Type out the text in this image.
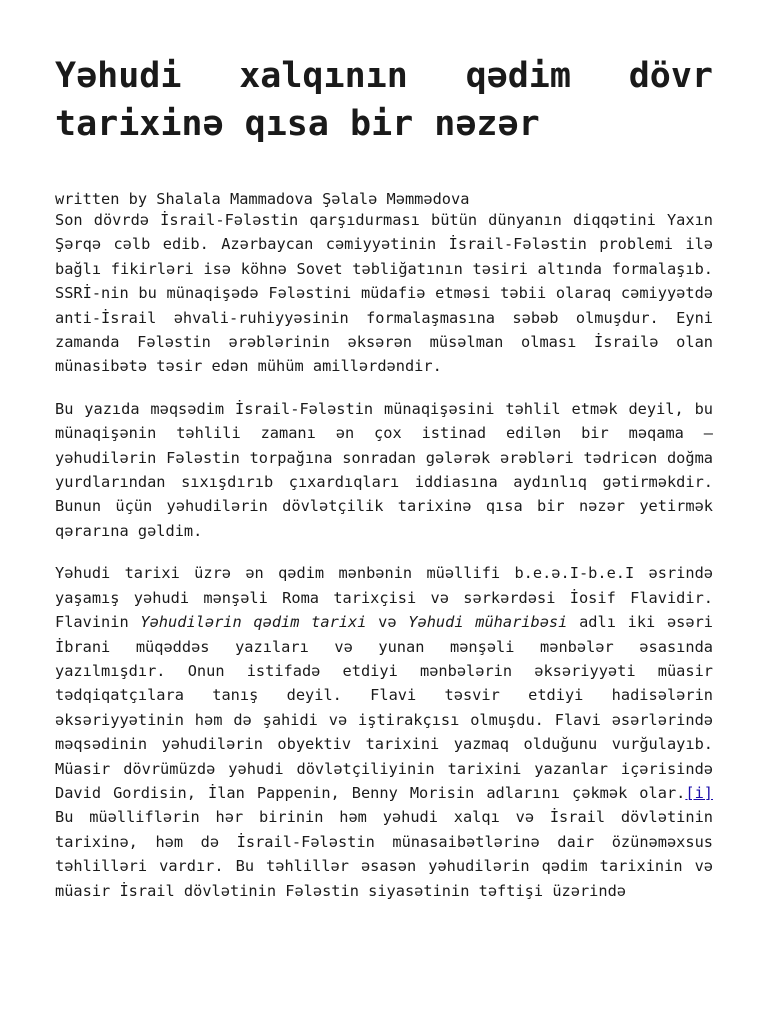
Yəhudi xalqının qədim dövr tarixinə qısa bir nəzər
written by Shalala Mammadova Şəlalə Məmmədova

Son dövrdə İsrail-Fələstin qarşıdurması bütün dünyanın diqqətini Yaxın Şərqə cəlb edib. Azərbaycan cəmiyyətinin İsrail-Fələstin problemi ilə bağlı fikirləri isə köhnə Sovet təbliğatının təsiri altında formalaşıb. SSRİ-nin bu münaqişədə Fələstini müdafiə etməsi təbii olaraq cəmiyyətdə anti-İsrail əhvali-ruhiyyəsinin formalaşmasına səbəb olmuşdur. Eyni zamanda Fələstin ərəblərinin əksərən müsəlman olması İsrailə olan münasibətə təsir edən mühüm amillərdəndir.

Bu yazıda məqsədim İsrail-Fələstin münaqişəsini təhlil etmək deyil, bu münaqişənin təhlili zamanı ən çox istinad edilən bir məqama – yəhudilərin Fələstin torpağına sonradan gələrək ərəbləri tədricən doğma yurdlarından sıxışdırıb çıxardıqları iddiasına aydınlıq gətirməkdir. Bunun üçün yəhudilərin dövlətçilik tarixinə qısa bir nəzər yetirmək qərarına gəldim.

Yəhudi tarixi üzrə ən qədim mənbənin müəllifi b.e.ə.I-b.e.I əsrində yaşamış yəhudi mənşəli Roma tarixçisi və sərkərdəsi İosif Flavidir. Flavinin Yəhudilərin qədim tarixi və Yəhudi müharibəsi adlı iki əsəri İbrani müqəddəs yazıları və yunan mənşəli mənbələr əsasında yazılmışdır. Onun istifadə etdiyi mənbələrin əksəriyyəti müasir tədqiqatçılara tanış deyil. Flavi təsvir etdiyi hadisələrin əksəriyyətinin həm də şahidi və iştirakçısı olmuşdu. Flavi əsərlərində məqsədinin yəhudilərin obyektiv tarixini yazmaq olduğunu vurğulayıb. Müasir dövrümüzdə yəhudi dövlətçiliyinin tarixini yazanlar içərisində David Gordisin, İlan Pappenin, Benny Morisin adlarını çəkmək olar.[i] Bu müəlliflərin hər birinin həm yəhudi xalqı və İsrail dövlətinin tarixinə, həm də İsrail-Fələstin münasaibətlərinə dair özünəməxsus təhlilləri vardır. Bu təhlillər əsasən yəhudilərin qədim tarixinin və müasir İsrail dövlətinin Fələstin siyasətinin təftişi üzərində
